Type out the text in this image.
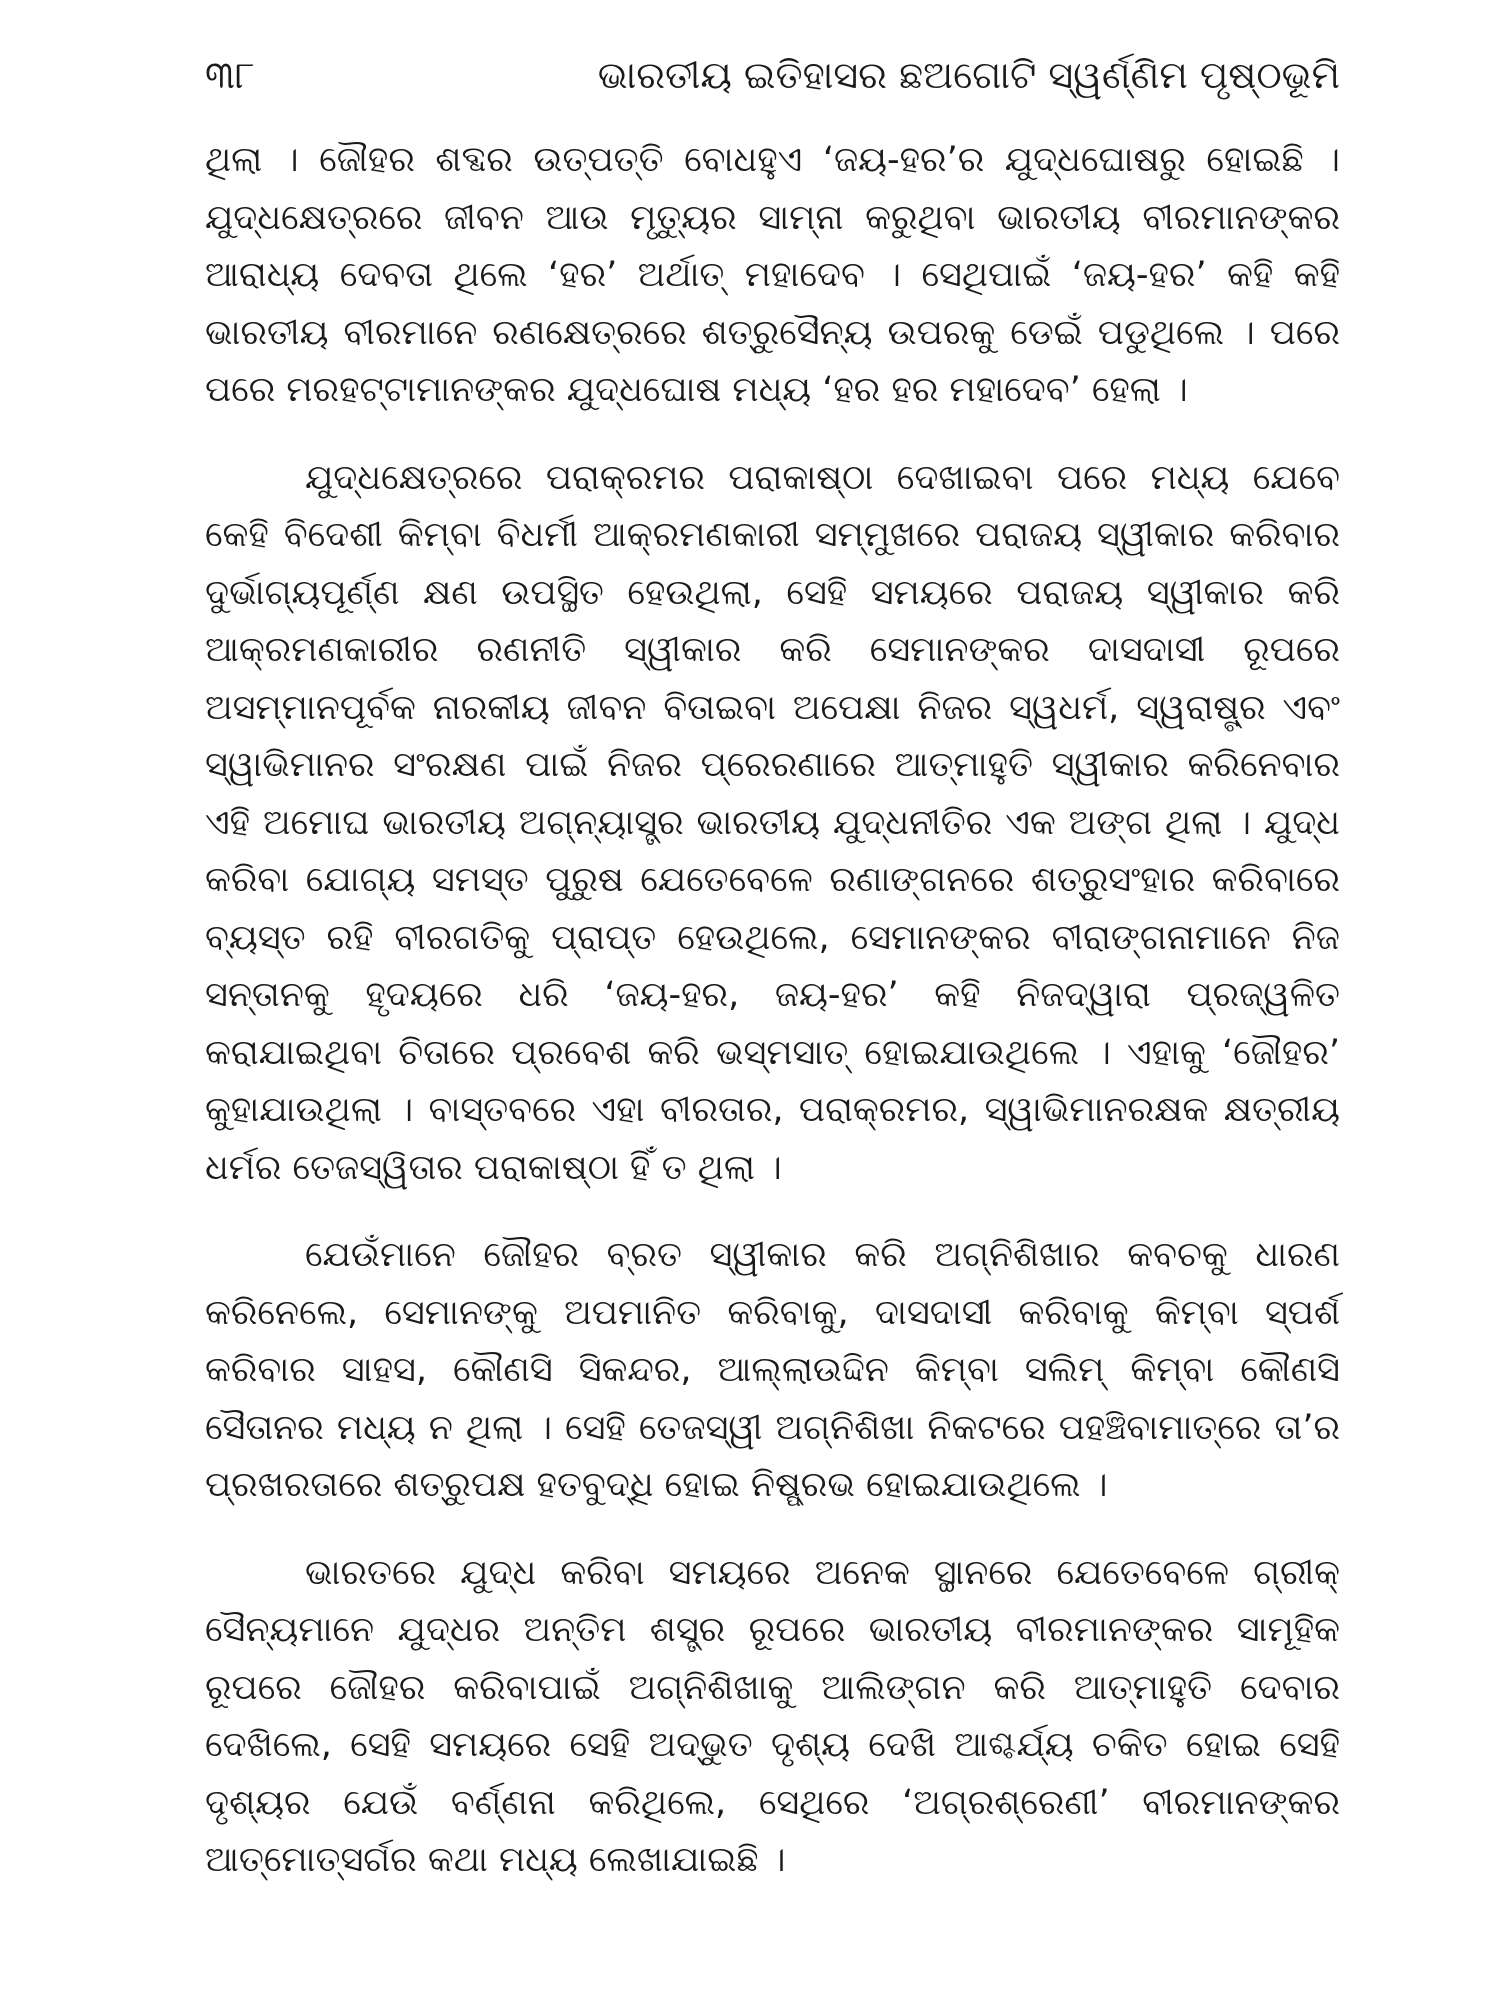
୩୮	ଭାରତୀୟ ଇତିହାସର ଛଅଗୋଟି ସ୍ୱର୍ଣ୍ଣିମ ପୃଷ୍ଠଭୂମି

ଥିଲା । ଜୌହର ଶବ୍ଦର ଉତ୍ପତ୍ତି ବୋଧହୁଏ ‘ଜୟ-ହର’ର ଯୁଦ୍ଧଘୋଷରୁ ହୋଇଛି । ଯୁଦ୍ଧକ୍ଷେତ୍ରରେ ଜୀବନ ଆଉ ମୃତ୍ୟୁର ସାମ୍ନା କରୁଥିବା ଭାରତୀୟ ବୀରମାନଙ୍କର ଆରାଧ୍ୟ ଦେବତା ଥିଲେ ‘ହର’ ଅର୍ଥାତ୍ ମହାଦେବ । ସେଥିପାଇଁ ‘ଜୟ-ହର’ କହି କହି ଭାରତୀୟ ବୀରମାନେ ରଣକ୍ଷେତ୍ରରେ ଶତ୍ରୁସୈନ୍ୟ ଉପରକୁ ଡେଇଁ ପଡୁଥିଲେ । ପରେ ପରେ ମରହଟ୍ଟାମାନଙ୍କର ଯୁଦ୍ଧଘୋଷ ମଧ୍ୟ ‘ହର ହର ମହାଦେବ’ ହେଲା ।

ଯୁଦ୍ଧକ୍ଷେତ୍ରରେ ପରାକ୍ରମର ପରାକାଷ୍ଠା ଦେଖାଇବା ପରେ ମଧ୍ୟ ଯେବେ କେହି ବିଦେଶୀ କିମ୍ବା ବିଧର୍ମୀ ଆକ୍ରମଣକାରୀ ସମ୍ମୁଖରେ ପରାଜୟ ସ୍ୱୀକାର କରିବାର ଦୁର୍ଭାଗ୍ୟପୂର୍ଣ୍ଣ କ୍ଷଣ ଉପସ୍ଥିତ ହେଉଥିଲା, ସେହି ସମୟରେ ପରାଜୟ ସ୍ୱୀକାର କରି ଆକ୍ରମଣକାରୀର ରଣନୀତି ସ୍ୱୀକାର କରି ସେମାନଙ୍କର ଦାସଦାସୀ ରୂପରେ ଅସମ୍ମାନପୂର୍ବକ ନାରକୀୟ ଜୀବନ ବିତାଇବା ଅପେକ୍ଷା ନିଜର ସ୍ୱଧର୍ମ, ସ୍ୱରାଷ୍ଟ୍ର ଏବଂ ସ୍ୱାଭିମାନର ସଂରକ୍ଷଣ ପାଇଁ ନିଜର ପ୍ରେରଣାରେ ଆତ୍ମାହୁତି ସ୍ୱୀକାର କରିନେବାର ଏହି ଅମୋଘ ଭାରତୀୟ ଅଗ୍ନ୍ୟାସ୍ତ୍ର ଭାରତୀୟ ଯୁଦ୍ଧନୀତିର ଏକ ଅଙ୍ଗ ଥିଲା । ଯୁଦ୍ଧ କରିବା ଯୋଗ୍ୟ ସମସ୍ତ ପୁରୁଷ ଯେତେବେଳେ ରଣାଙ୍ଗନରେ ଶତ୍ରୁସଂହାର କରିବାରେ ବ୍ୟସ୍ତ ରହି ବୀରଗତିକୁ ପ୍ରାପ୍ତ ହେଉଥିଲେ, ସେମାନଙ୍କର ବୀରାଙ୍ଗନାମାନେ ନିଜ ସନ୍ତାନକୁ ହୃଦୟରେ ଧରି ‘ଜୟ-ହର, ଜୟ-ହର’ କହି ନିଜଦ୍ୱାରା ପ୍ରଜ୍ୱଳିତ କରାଯାଇଥିବା ଚିତାରେ ପ୍ରବେଶ କରି ଭସ୍ମସାତ୍ ହୋଇଯାଉଥିଲେ । ଏହାକୁ ‘ଜୌହର’ କୁହାଯାଉଥିଲା । ବାସ୍ତବରେ ଏହା ବୀରତାର, ପରାକ୍ରମର, ସ୍ୱାଭିମାନରକ୍ଷକ କ୍ଷତ୍ରୀୟ ଧର୍ମର ତେଜସ୍ୱିତାର ପରାକାଷ୍ଠା ହିଁ ତ ଥିଲା ।

ଯେଉଁମାନେ ଜୌହର ବ୍ରତ ସ୍ୱୀକାର କରି ଅଗ୍ନିଶିଖାର କବଚକୁ ଧାରଣ କରିନେଲେ, ସେମାନଙ୍କୁ ଅପମାନିତ କରିବାକୁ, ଦାସଦାସୀ କରିବାକୁ କିମ୍ବା ସ୍ପର୍ଶ କରିବାର ସାହସ, କୌଣସି ସିକନ୍ଦର, ଆଲ୍ଲାଉଦ୍ଦିନ କିମ୍ବା ସଲିମ୍ କିମ୍ବା କୌଣସି ସୈତାନର ମଧ୍ୟ ନ ଥିଲା । ସେହି ତେଜସ୍ୱୀ ଅଗ୍ନିଶିଖା ନିକଟରେ ପହଞ୍ଚିବାମାତ୍ରେ ତା’ର ପ୍ରଖରତାରେ ଶତ୍ରୁପକ୍ଷ ହତବୁଦ୍ଧି ହୋଇ ନିଷ୍ପ୍ରଭ ହୋଇଯାଉଥିଲେ ।

ଭାରତରେ ଯୁଦ୍ଧ କରିବା ସମୟରେ ଅନେକ ସ୍ଥାନରେ ଯେତେବେଳେ ଗ୍ରୀକ୍ ସୈନ୍ୟମାନେ ଯୁଦ୍ଧର ଅନ୍ତିମ ଶସ୍ତ୍ର ରୂପରେ ଭାରତୀୟ ବୀରମାନଙ୍କର ସାମୂହିକ ରୂପରେ ଜୌହର କରିବାପାଇଁ ଅଗ୍ନିଶିଖାକୁ ଆଲିଙ୍ଗନ କରି ଆତ୍ମାହୁତି ଦେବାର ଦେଖିଲେ, ସେହି ସମୟରେ ସେହି ଅଦ୍ଭୁତ ଦୃଶ୍ୟ ଦେଖି ଆଶ୍ଚର୍ଯ୍ୟ ଚକିତ ହୋଇ ସେହି ଦୃଶ୍ୟର ଯେଉଁ ବର୍ଣ୍ଣନା କରିଥିଲେ, ସେଥିରେ ‘ଅଗ୍ରଶ୍ରେଣୀ’ ବୀରମାନଙ୍କର ଆତ୍ମୋତ୍ସର୍ଗର କଥା ମଧ୍ୟ ଲେଖାଯାଇଛି ।
